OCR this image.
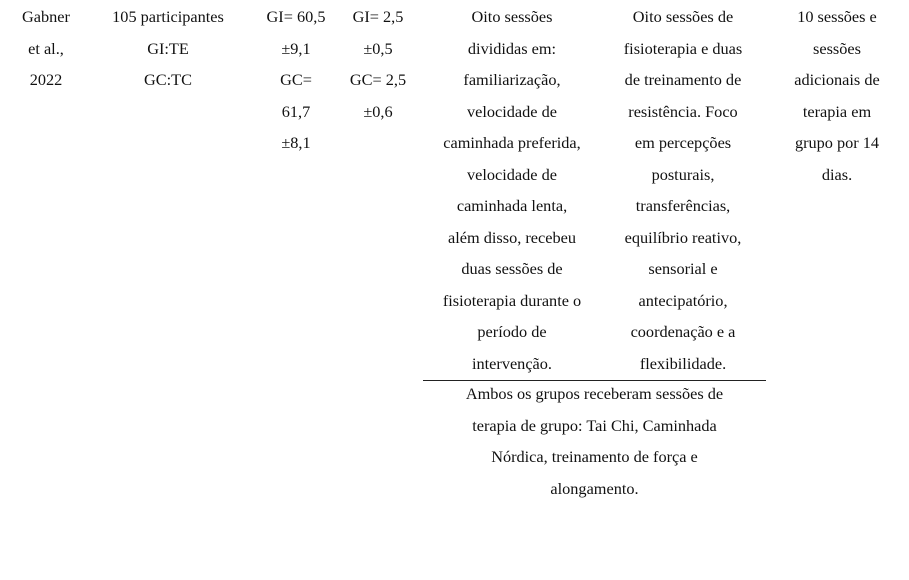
Gabner
et al.,
2022
105 participantes
GI:TE
GC:TC
GI= 60,5
±9,1
GC=
61,7
±8,1
GI= 2,5
±0,5
GC= 2,5
±0,6
Oito sessões
divididas em:
familiarização,
velocidade de
caminhada preferida,
velocidade de
caminhada lenta,
além disso, recebeu
duas sessões de
fisioterapia durante o
período de
intervenção.
Oito sessões de
fisioterapia e duas
de treinamento de
resistência. Foco
em percepções
posturais,
transferências,
equilíbrio reativo,
sensorial e
antecipatório,
coordenação e a
flexibilidade.
10 sessões e
sessões
adicionais de
terapia em
grupo por 14
dias.
Ambos os grupos receberam sessões de
terapia de grupo: Tai Chi, Caminhada
Nórdica, treinamento de força e
alongamento.
